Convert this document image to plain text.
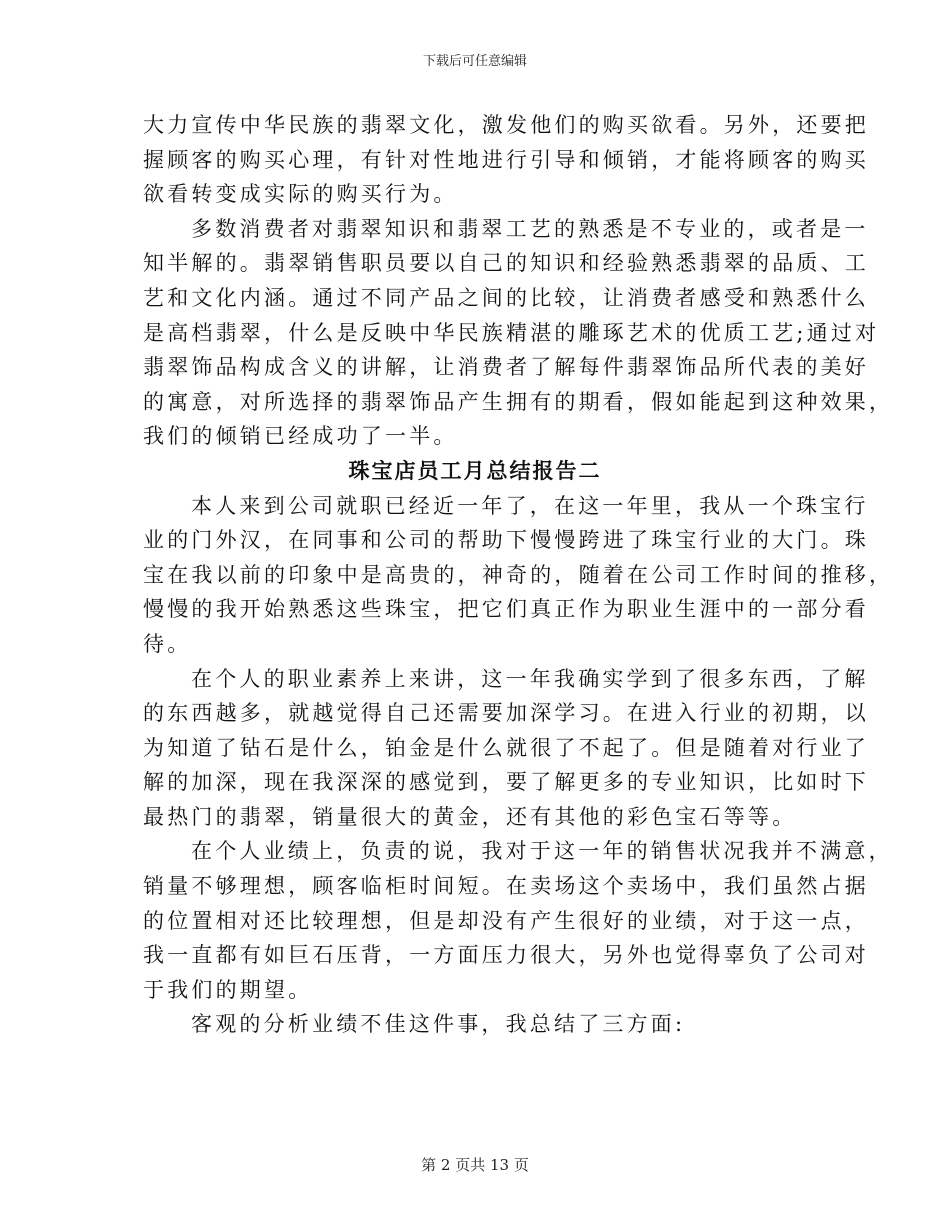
下载后可任意编辑
大力宣传中华民族的翡翠文化，激发他们的购买欲看。另外，还要把
握顾客的购买心理，有针对性地进行引导和倾销，才能将顾客的购买
欲看转变成实际的购买行为。
多数消费者对翡翠知识和翡翠工艺的熟悉是不专业的，或者是一
知半解的。翡翠销售职员要以自己的知识和经验熟悉翡翠的品质、工
艺和文化内涵。通过不同产品之间的比较，让消费者感受和熟悉什么
是高档翡翠，什么是反映中华民族精湛的雕琢艺术的优质工艺;通过对
翡翠饰品构成含义的讲解，让消费者了解每件翡翠饰品所代表的美好
的寓意，对所选择的翡翠饰品产生拥有的期看，假如能起到这种效果，
我们的倾销已经成功了一半。
珠宝店员工月总结报告二
本人来到公司就职已经近一年了，在这一年里，我从一个珠宝行
业的门外汉，在同事和公司的帮助下慢慢跨进了珠宝行业的大门。珠
宝在我以前的印象中是高贵的，神奇的，随着在公司工作时间的推移，
慢慢的我开始熟悉这些珠宝，把它们真正作为职业生涯中的一部分看
待。
在个人的职业素养上来讲，这一年我确实学到了很多东西，了解
的东西越多，就越觉得自己还需要加深学习。在进入行业的初期，以
为知道了钻石是什么，铂金是什么就很了不起了。但是随着对行业了
解的加深，现在我深深的感觉到，要了解更多的专业知识，比如时下
最热门的翡翠，销量很大的黄金，还有其他的彩色宝石等等。
在个人业绩上，负责的说，我对于这一年的销售状况我并不满意，
销量不够理想，顾客临柜时间短。在卖场这个卖场中，我们虽然占据
的位置相对还比较理想，但是却没有产生很好的业绩，对于这一点，
我一直都有如巨石压背，一方面压力很大，另外也觉得辜负了公司对
于我们的期望。
客观的分析业绩不佳这件事，我总结了三方面:
第 2 页共 13 页
